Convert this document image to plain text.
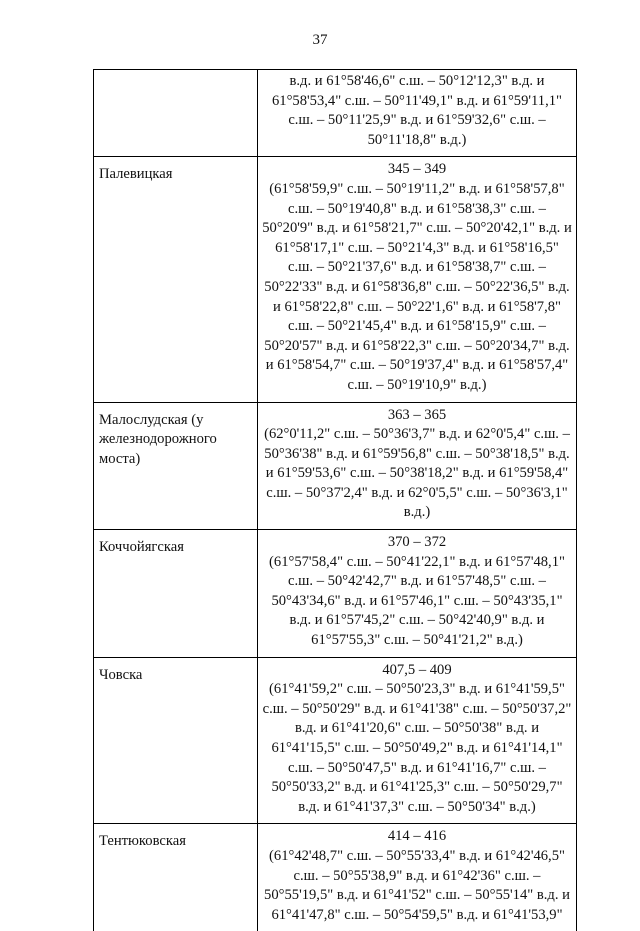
37

	в.д. и 61°58'46,6" с.ш. – 50°12'12,3" в.д. и 61°58'53,4" с.ш. – 50°11'49,1" в.д. и 61°59'11,1" с.ш. – 50°11'25,9" в.д. и 61°59'32,6" с.ш. – 50°11'18,8" в.д.)

Палевицкая	345 – 349
(61°58'59,9" с.ш. – 50°19'11,2" в.д. и 61°58'57,8" с.ш. – 50°19'40,8" в.д. и 61°58'38,3" с.ш. – 50°20'9" в.д. и 61°58'21,7" с.ш. – 50°20'42,1" в.д. и 61°58'17,1" с.ш. – 50°21'4,3" в.д. и 61°58'16,5" с.ш. – 50°21'37,6" в.д. и 61°58'38,7" с.ш. – 50°22'33" в.д. и 61°58'36,8" с.ш. – 50°22'36,5" в.д. и 61°58'22,8" с.ш. – 50°22'1,6" в.д. и 61°58'7,8" с.ш. – 50°21'45,4" в.д. и 61°58'15,9" с.ш. – 50°20'57" в.д. и 61°58'22,3" с.ш. – 50°20'34,7" в.д. и 61°58'54,7" с.ш. – 50°19'37,4" в.д. и 61°58'57,4" с.ш. – 50°19'10,9" в.д.)

Малослудская (у железнодорожного моста)	363 – 365
(62°0'11,2" с.ш. – 50°36'3,7" в.д. и 62°0'5,4" с.ш. – 50°36'38" в.д. и 61°59'56,8" с.ш. – 50°38'18,5" в.д. и 61°59'53,6" с.ш. – 50°38'18,2" в.д. и 61°59'58,4" с.ш. – 50°37'2,4" в.д. и 62°0'5,5" с.ш. – 50°36'3,1" в.д.)

Коччойягская	370 – 372
(61°57'58,4" с.ш. – 50°41'22,1" в.д. и 61°57'48,1" с.ш. – 50°42'42,7" в.д. и 61°57'48,5" с.ш. – 50°43'34,6" в.д. и 61°57'46,1" с.ш. – 50°43'35,1" в.д. и 61°57'45,2" с.ш. – 50°42'40,9" в.д. и 61°57'55,3" с.ш. – 50°41'21,2" в.д.)

Човска	407,5 – 409
(61°41'59,2" с.ш. – 50°50'23,3" в.д. и 61°41'59,5" с.ш. – 50°50'29" в.д. и 61°41'38" с.ш. – 50°50'37,2" в.д. и 61°41'20,6" с.ш. – 50°50'38" в.д. и 61°41'15,5" с.ш. – 50°50'49,2" в.д. и 61°41'14,1" с.ш. – 50°50'47,5" в.д. и 61°41'16,7" с.ш. – 50°50'33,2" в.д. и 61°41'25,3" с.ш. – 50°50'29,7" в.д. и 61°41'37,3" с.ш. – 50°50'34" в.д.)

Тентюковская	414 – 416
(61°42'48,7" с.ш. – 50°55'33,4" в.д. и 61°42'46,5" с.ш. – 50°55'38,9" в.д. и 61°42'36" с.ш. – 50°55'19,5" в.д. и 61°41'52" с.ш. – 50°55'14" в.д. и 61°41'47,8" с.ш. – 50°54'59,5" в.д. и 61°41'53,9"
